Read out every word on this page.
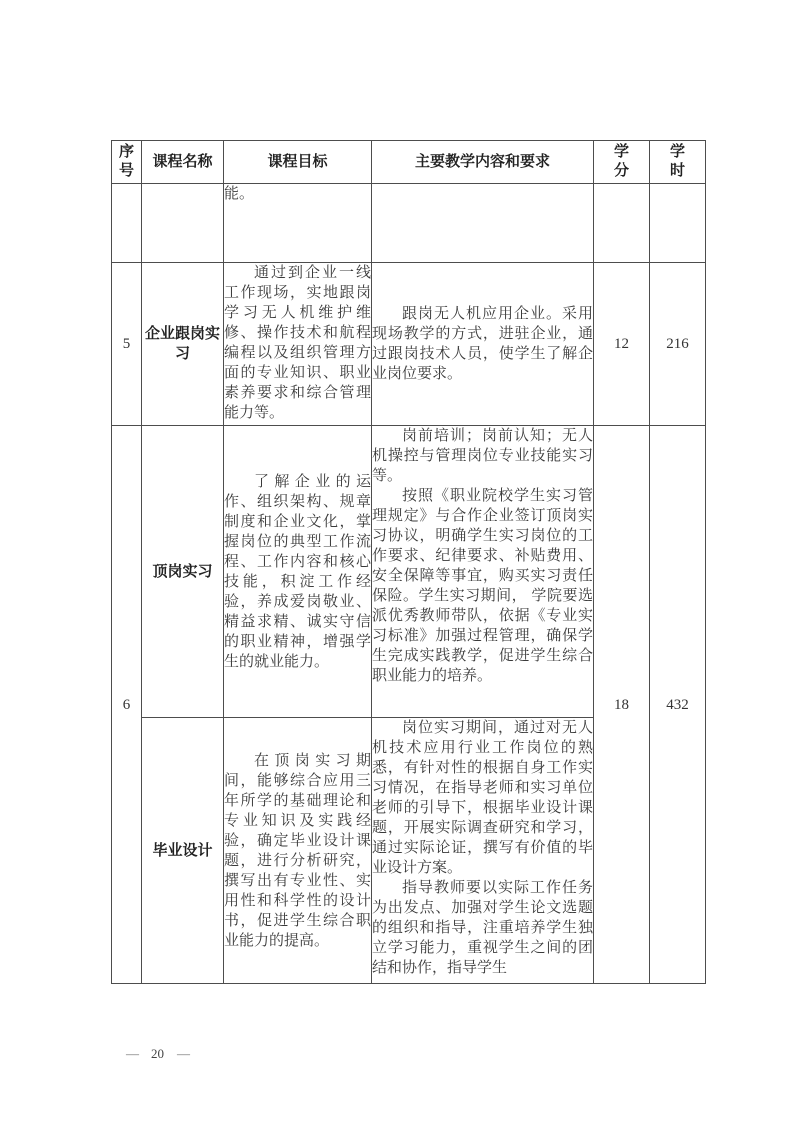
序号	课程名称	课程目标	主要教学内容和要求	学分	学时

		能。			

5	企业跟岗实习	通过到企业一线工作现场，实地跟岗学习无人机维护维修、操作技术和航程编程以及组织管理方面的专业知识、职业素养要求和综合管理能力等。	跟岗无人机应用企业。采用现场教学的方式，进驻企业，通过跟岗技术人员，使学生了解企业岗位要求。	12	216
6	顶岗实习	了解企业的运作、组织架构、规章制度和企业文化，掌握岗位的典型工作流程、工作内容和核心技能，积淀工作经验，养成爱岗敬业、精益求精、诚实守信的职业精神，增强学生的就业能力。	岗前培训；岗前认知；无人机操控与管理岗位专业技能实习等。

按照《职业院校学生实习管理规定》与合作企业签订顶岗实习协议，明确学生实习岗位的工作要求、纪律要求、补贴费用、安全保障等事宜，购买实习责任保险。学生实习期间， 学院要选派优秀教师带队，依据《专业实习标准》加强过程管理，确保学生完成实践教学，促进学生综合职业能力的培养。	18	432
	毕业设计	在顶岗实习期间，能够综合应用三年所学的基础理论和专业知识及实践经验，确定毕业设计课题，进行分析研究，撰写出有专业性、实用性和科学性的设计书，促进学生综合职业能力的提高。	岗位实习期间，通过对无人机技术应用行业工作岗位的熟悉，有针对性的根据自身工作实习情况，在指导老师和实习单位老师的引导下，根据毕业设计课题，开展实际调查研究和学习，通过实际论证，撰写有价值的毕业设计方案。

指导教师要以实际工作任务为出发点、加强对学生论文选题的组织和指导，注重培养学生独立学习能力，重视学生之间的团结和协作，指导学生		

— 20 —
